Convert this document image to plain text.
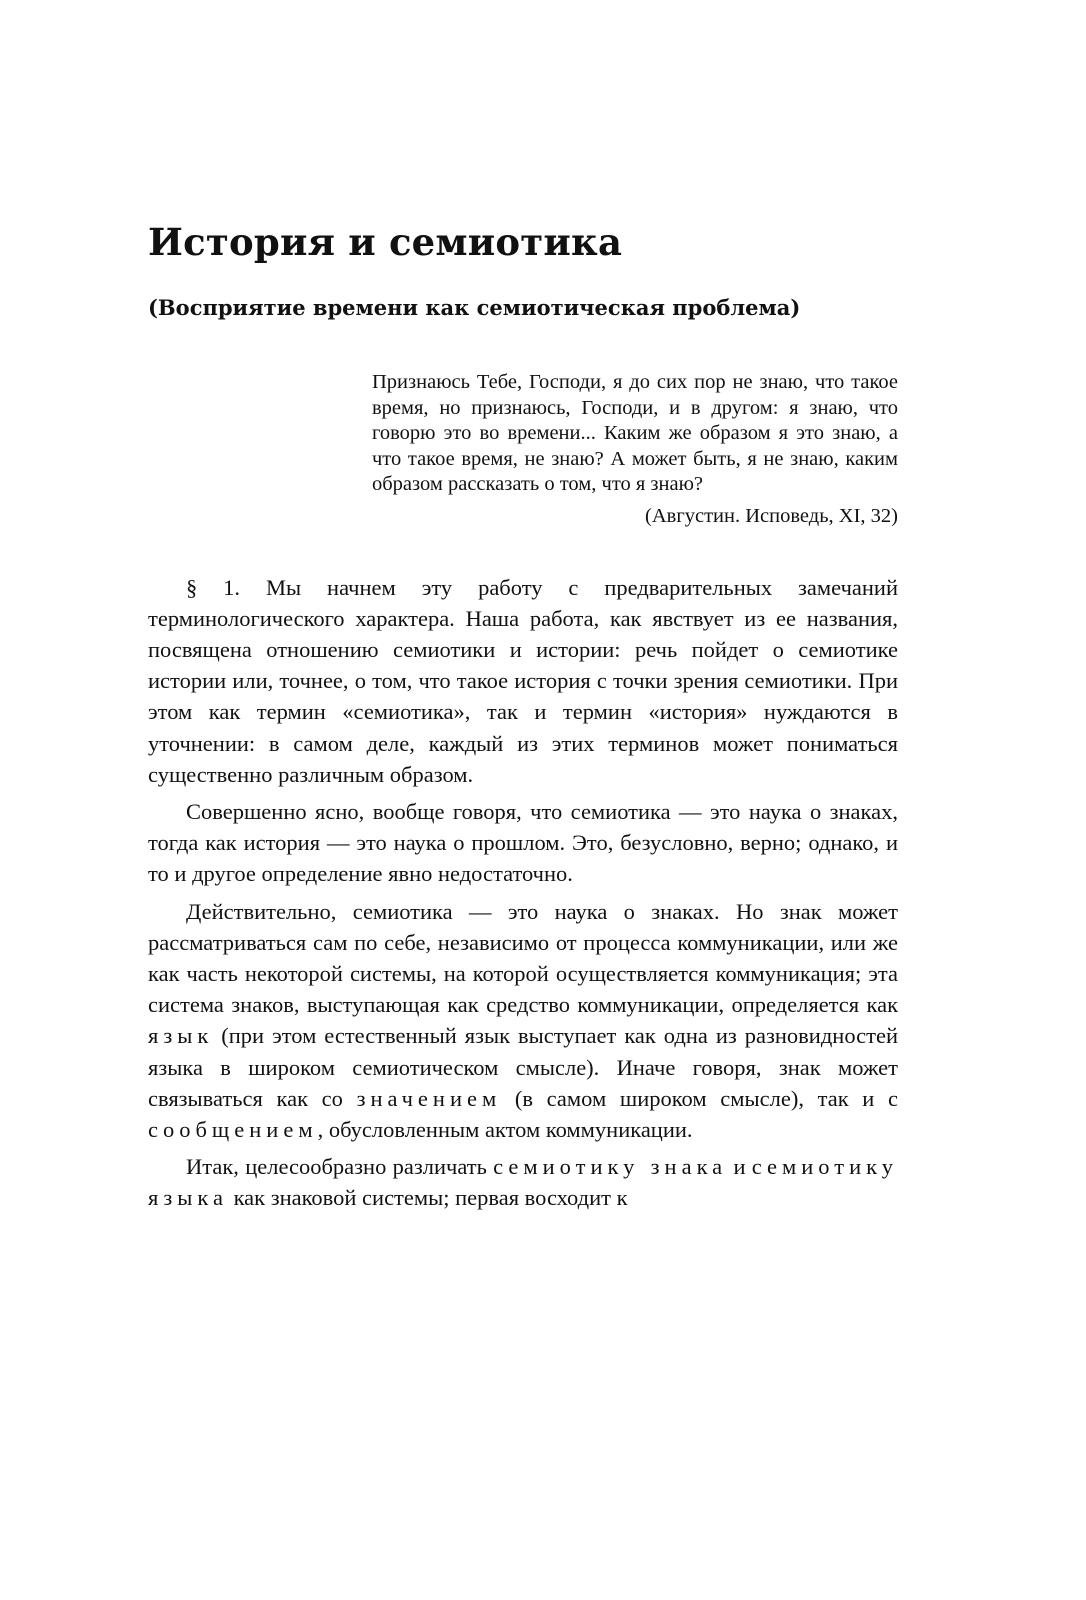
История и семиотика
(Восприятие времени как семиотическая проблема)
Признаюсь Тебе, Господи, я до сих пор не знаю, что такое время, но признаюсь, Господи, и в другом: я знаю, что говорю это во времени... Каким же образом я это знаю, а что такое время, не знаю? А может быть, я не знаю, каким образом рассказать о том, что я знаю?
(Августин. Исповедь, XI, 32)

§ 1. Мы начнем эту работу с предварительных замечаний терминологического характера. Наша работа, как явствует из ее названия, посвящена отношению семиотики и истории: речь пойдет о семиотике истории или, точнее, о том, что такое история с точки зрения семиотики. При этом как термин «семиотика», так и термин «история» нуждаются в уточнении: в самом деле, каждый из этих терминов может пониматься существенно различным образом.

Совершенно ясно, вообще говоря, что семиотика — это наука о знаках, тогда как история — это наука о прошлом. Это, безусловно, верно; однако, и то и другое определение явно недостаточно.

Действительно, семиотика — это наука о знаках. Но знак может рассматриваться сам по себе, независимо от процесса коммуникации, или же как часть некоторой системы, на которой осуществляется коммуникация; эта система знаков, выступающая как средство коммуникации, определяется как язык (при этом естественный язык выступает как одна из разновидностей языка в широком семиотическом смысле). Иначе говоря, знак может связываться как со значением (в самом широком смысле), так и с сообщением, обусловленным актом коммуникации.

Итак, целесообразно различать семиотику знака и семиотику языка как знаковой системы; первая восходит к
